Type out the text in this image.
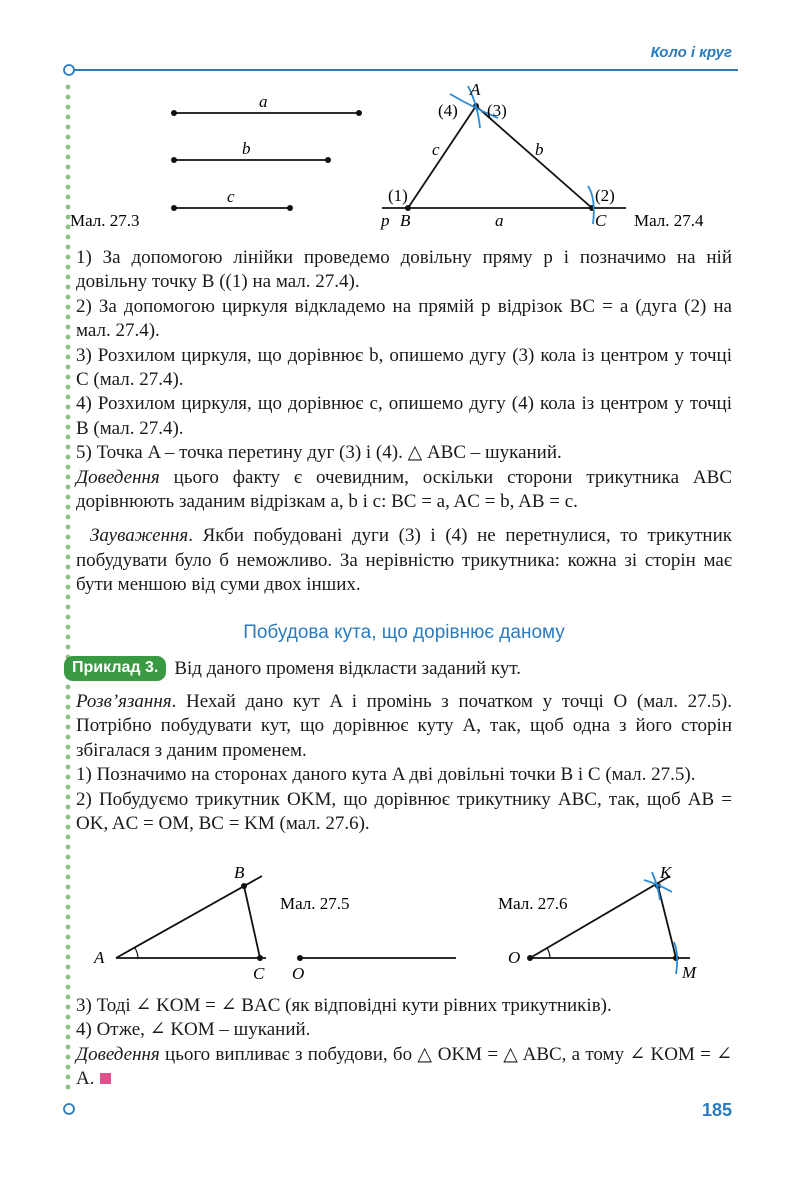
Коло і круг
a
b
c
Мал. 27.3
A
(4) (3)
c	b
(1)	(2)
p B	a	C Мал. 27.4

1) За допомогою лінійки проведемо довільну пряму p і позначимо на ній довільну точку B ((1) на мал. 27.4).

2) За допомогою циркуля відкладемо на прямій p відрізок BC = a (дуга (2) на мал. 27.4).

3) Розхилом циркуля, що дорівнює b, опишемо дугу (3) кола із центром у точці C (мал. 27.4).

4) Розхилом циркуля, що дорівнює c, опишемо дугу (4) кола із центром у точці B (мал. 27.4).

5) Точка A – точка перетину дуг (3) і (4). △ ABC – шуканий.

Доведення цього факту є очевидним, оскільки сторони трикутника ABC дорівнюють заданим відрізкам a, b і c: BC = a, AC = b, AB = c.

Зауваження. Якби побудовані дуги (3) і (4) не перетнулися, то трикутник побудувати було б неможливо. За нерівністю трикутника: кожна зі сторін має бути меншою від суми двох інших.

Побудова кута, що дорівнює даному
Приклад 3. Від даного променя відкласти заданий кут.

Розв’язання. Нехай дано кут A і промінь з початком у точці O (мал. 27.5). Потрібно побудувати кут, що дорівнює куту A, так, щоб одна з його сторін збігалася з даним променем.

1) Позначимо на сторонах даного кута A дві довільні точки B і C (мал. 27.5).

2) Побудуємо трикутник OKM, що дорівнює трикутнику ABC, так, щоб AB = OK, AC = OM, BC = KM (мал. 27.6).

A
B
C O
Мал. 27.5
O
K
M
Мал. 27.6

3) Тоді ∠ KOM = ∠ BAC (як відповідні кути рівних трикутників).

4) Отже, ∠ KOM – шуканий.

Доведення цього випливає з побудови, бо △ OKM = △ ABC, а тому ∠ KOM = ∠ A.

185
